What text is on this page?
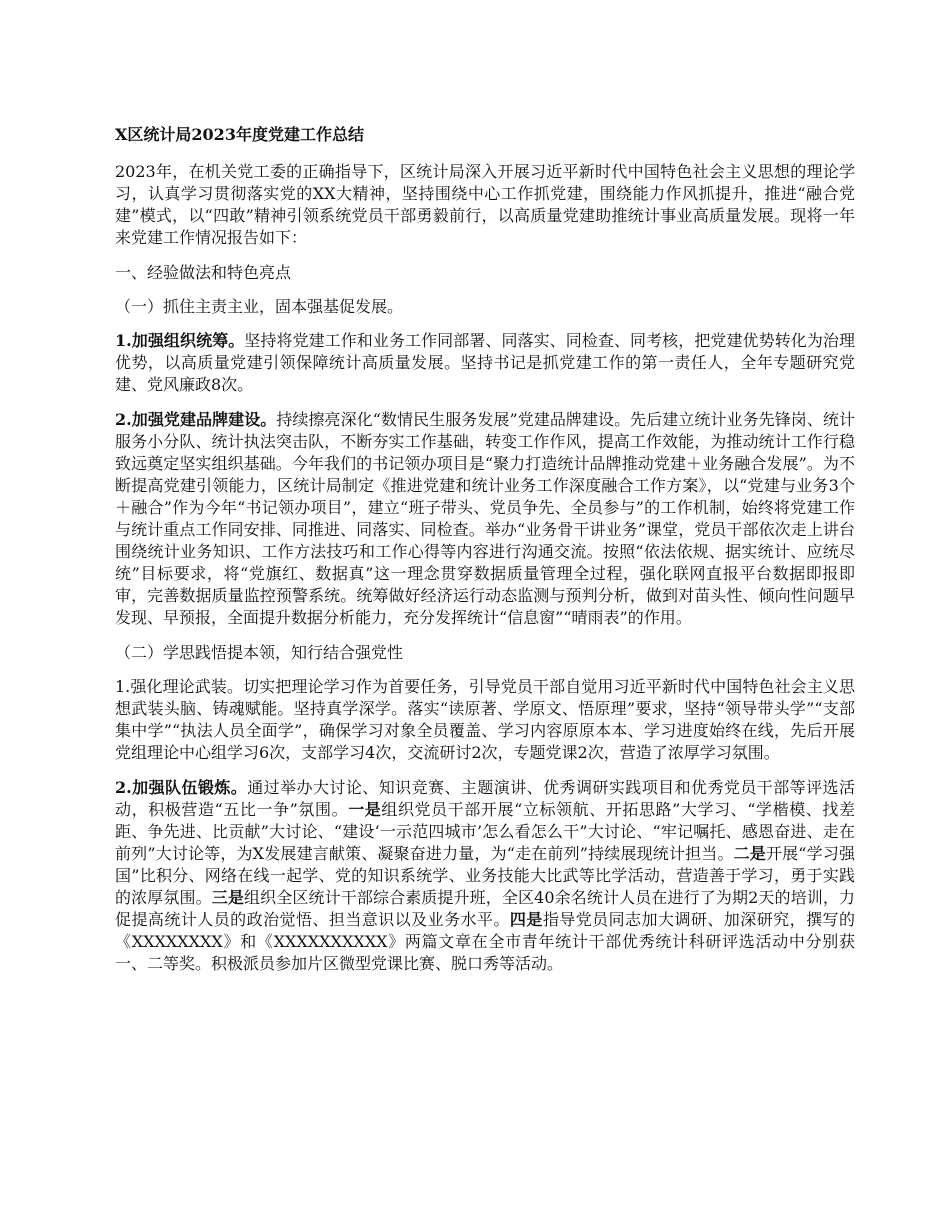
X区统计局2023年度党建工作总结

2023年，在机关党工委的正确指导下，区统计局深入开展习近平新时代中国特色社会主义思想的理论学习，认真学习贯彻落实党的XX大精神，坚持围绕中心工作抓党建，围绕能力作风抓提升，推进“融合党建”模式，以“四敢”精神引领系统党员干部勇毅前行，以高质量党建助推统计事业高质量发展。现将一年来党建工作情况报告如下：

一、经验做法和特色亮点

（一）抓住主责主业，固本强基促发展。

1.加强组织统筹。坚持将党建工作和业务工作同部署、同落实、同检查、同考核，把党建优势转化为治理优势，以高质量党建引领保障统计高质量发展。坚持书记是抓党建工作的第一责任人，全年专题研究党建、党风廉政8次。

2.加强党建品牌建设。持续擦亮深化“数情民生服务发展”党建品牌建设。先后建立统计业务先锋岗、统计服务小分队、统计执法突击队，不断夯实工作基础，转变工作作风，提高工作效能，为推动统计工作行稳致远奠定坚实组织基础。今年我们的书记领办项目是“聚力打造统计品牌推动党建＋业务融合发展”。为不断提高党建引领能力，区统计局制定《推进党建和统计业务工作深度融合工作方案》，以“党建与业务3个＋融合”作为今年“书记领办项目”，建立“班子带头、党员争先、全员参与”的工作机制，始终将党建工作与统计重点工作同安排、同推进、同落实、同检查。举办“业务骨干讲业务”课堂，党员干部依次走上讲台围绕统计业务知识、工作方法技巧和工作心得等内容进行沟通交流。按照“依法依规、据实统计、应统尽统”目标要求，将“党旗红、数据真”这一理念贯穿数据质量管理全过程，强化联网直报平台数据即报即审，完善数据质量监控预警系统。统筹做好经济运行动态监测与预判分析，做到对苗头性、倾向性问题早发现、早预报，全面提升数据分析能力，充分发挥统计“信息窗”“晴雨表”的作用。

（二）学思践悟提本领，知行结合强党性

1.强化理论武装。切实把理论学习作为首要任务，引导党员干部自觉用习近平新时代中国特色社会主义思想武装头脑、铸魂赋能。坚持真学深学。落实“读原著、学原文、悟原理”要求，坚持“领导带头学”“支部集中学”“执法人员全面学”，确保学习对象全员覆盖、学习内容原原本本、学习进度始终在线，先后开展党组理论中心组学习6次，支部学习4次，交流研讨2次，专题党课2次，营造了浓厚学习氛围。

2.加强队伍锻炼。通过举办大讨论、知识竞赛、主题演讲、优秀调研实践项目和优秀党员干部等评选活动，积极营造“五比一争”氛围。一是组织党员干部开展“立标领航、开拓思路”大学习、“学楷模、找差距、争先进、比贡献”大讨论、“建设‘一示范四城市’怎么看怎么干”大讨论、“牢记嘱托、感恩奋进、走在前列”大讨论等，为X发展建言献策、凝聚奋进力量，为“走在前列”持续展现统计担当。二是开展“学习强国”比积分、网络在线一起学、党的知识系统学、业务技能大比武等比学活动，营造善于学习，勇于实践的浓厚氛围。三是组织全区统计干部综合素质提升班，全区40余名统计人员在进行了为期2天的培训，力促提高统计人员的政治觉悟、担当意识以及业务水平。四是指导党员同志加大调研、加深研究，撰写的《XXXXXXXX》和《XXXXXXXXXX》两篇文章在全市青年统计干部优秀统计科研评选活动中分别获一、二等奖。积极派员参加片区微型党课比赛、脱口秀等活动。
